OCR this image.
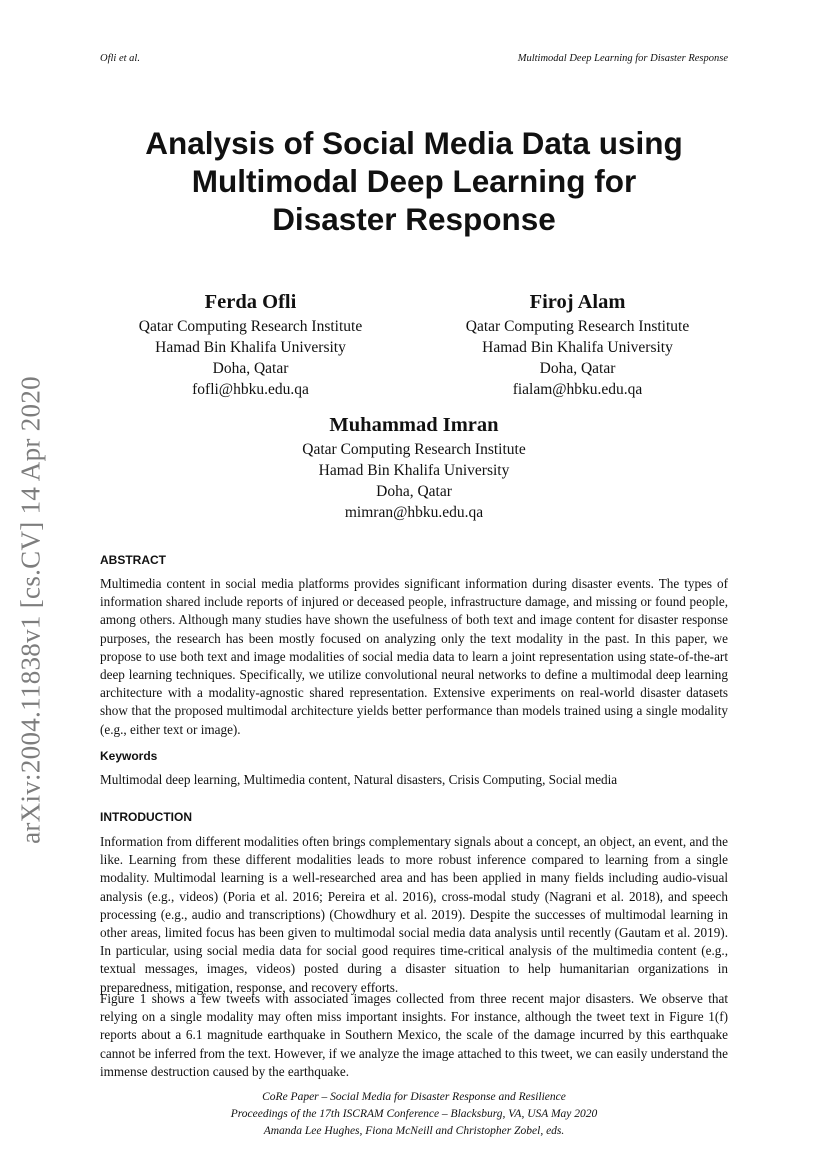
Ofli et al.	Multimodal Deep Learning for Disaster Response
arXiv:2004.11838v1 [cs.CV] 14 Apr 2020
Analysis of Social Media Data using
Multimodal Deep Learning for
Disaster Response
Ferda Ofli
Qatar Computing Research Institute
Hamad Bin Khalifa University
Doha, Qatar
fofli@hbku.edu.qa
Firoj Alam
Qatar Computing Research Institute
Hamad Bin Khalifa University
Doha, Qatar
fialam@hbku.edu.qa
Muhammad Imran
Qatar Computing Research Institute
Hamad Bin Khalifa University
Doha, Qatar
mimran@hbku.edu.qa
ABSTRACT

Multimedia content in social media platforms provides significant information during disaster events. The types of information shared include reports of injured or deceased people, infrastructure damage, and missing or found people, among others. Although many studies have shown the usefulness of both text and image content for disaster response purposes, the research has been mostly focused on analyzing only the text modality in the past. In this paper, we propose to use both text and image modalities of social media data to learn a joint representation using state-of-the-art deep learning techniques. Specifically, we utilize convolutional neural networks to define a multimodal deep learning architecture with a modality-agnostic shared representation. Extensive experiments on real-world disaster datasets show that the proposed multimodal architecture yields better performance than models trained using a single modality (e.g., either text or image).

Keywords

Multimodal deep learning, Multimedia content, Natural disasters, Crisis Computing, Social media

INTRODUCTION

Information from different modalities often brings complementary signals about a concept, an object, an event, and the like. Learning from these different modalities leads to more robust inference compared to learning from a single modality. Multimodal learning is a well-researched area and has been applied in many fields including audio-visual analysis (e.g., videos) (Poria et al. 2016; Pereira et al. 2016), cross-modal study (Nagrani et al. 2018), and speech processing (e.g., audio and transcriptions) (Chowdhury et al. 2019). Despite the successes of multimodal learning in other areas, limited focus has been given to multimodal social media data analysis until recently (Gautam et al. 2019). In particular, using social media data for social good requires time-critical analysis of the multimedia content (e.g., textual messages, images, videos) posted during a disaster situation to help humanitarian organizations in preparedness, mitigation, response, and recovery efforts.

Figure 1 shows a few tweets with associated images collected from three recent major disasters. We observe that relying on a single modality may often miss important insights. For instance, although the tweet text in Figure 1(f) reports about a 6.1 magnitude earthquake in Southern Mexico, the scale of the damage incurred by this earthquake cannot be inferred from the text. However, if we analyze the image attached to this tweet, we can easily understand the immense destruction caused by the earthquake.

CoRe Paper – Social Media for Disaster Response and Resilience
Proceedings of the 17th ISCRAM Conference – Blacksburg, VA, USA May 2020
Amanda Lee Hughes, Fiona McNeill and Christopher Zobel, eds.
